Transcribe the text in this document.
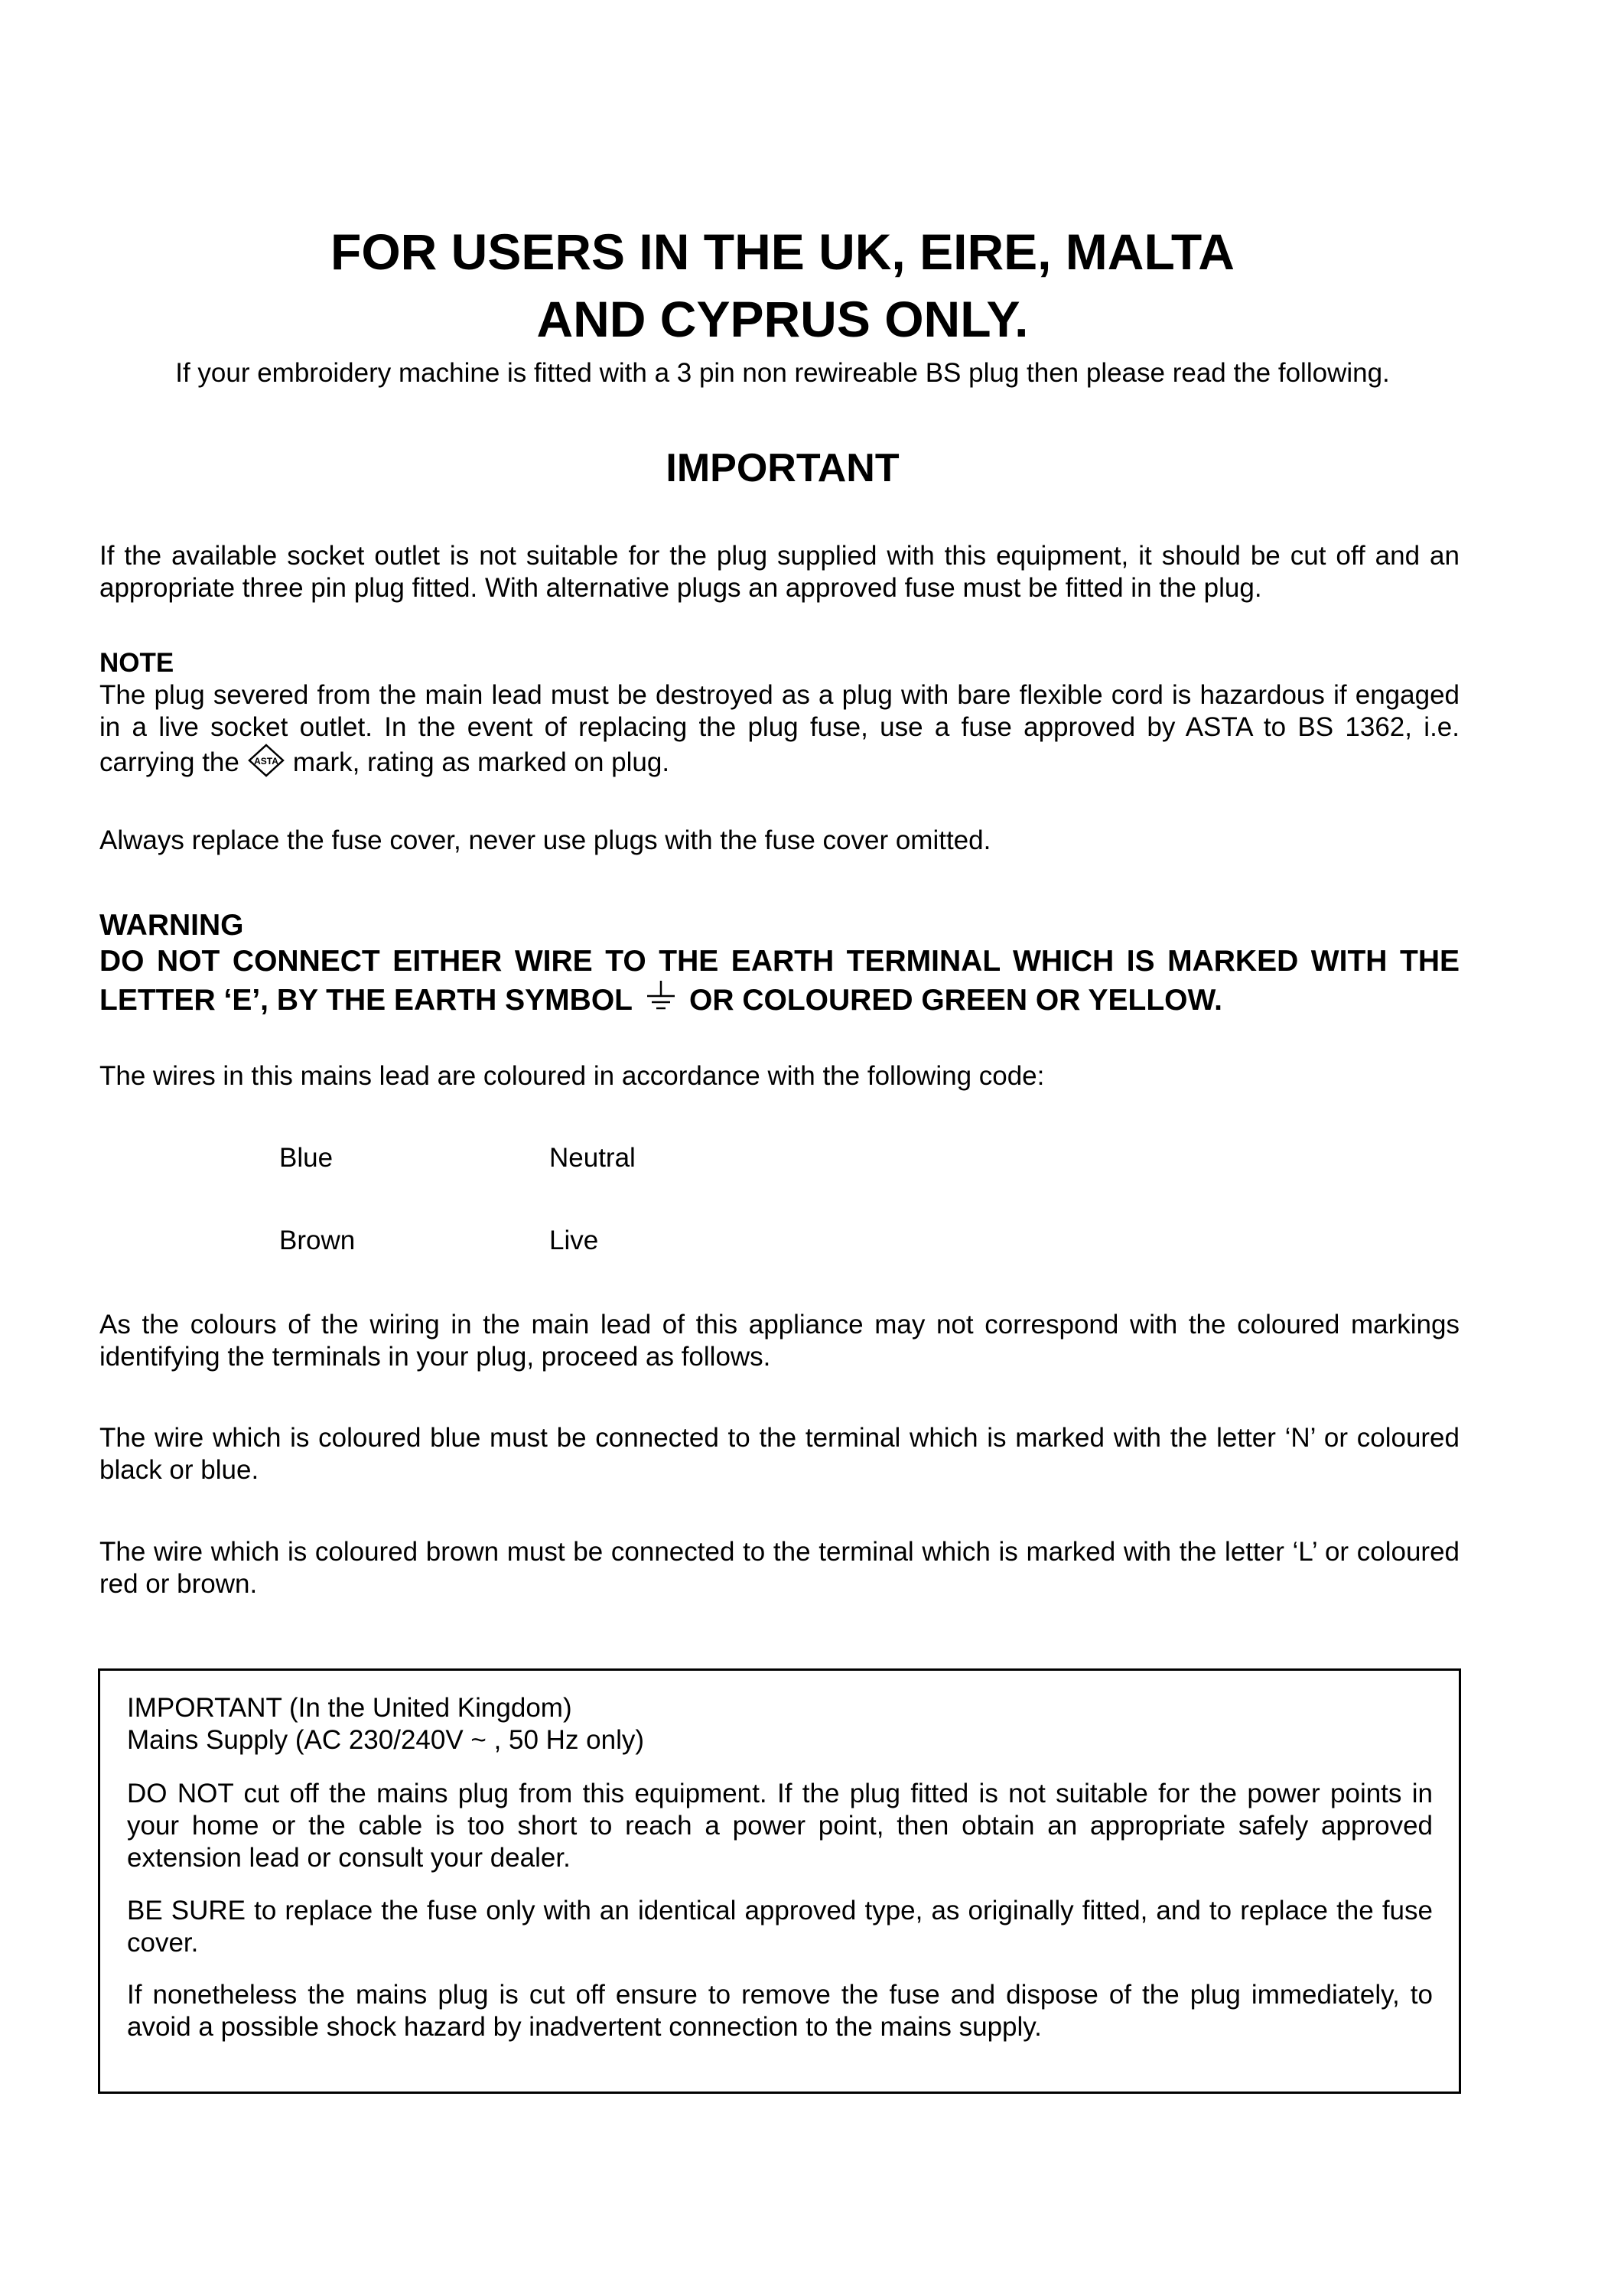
FOR USERS IN THE UK, EIRE, MALTA
AND CYPRUS ONLY.
If your embroidery machine is fitted with a 3 pin non rewireable BS plug then please read the following.
IMPORTANT
If the available socket outlet is not suitable for the plug supplied with this equipment, it should be cut off and an appropriate three pin plug fitted. With alternative plugs an approved fuse must be fitted in the plug.
NOTE
The plug severed from the main lead must be destroyed as a plug with bare flexible cord is hazardous if engaged in a live socket outlet. In the event of replacing the plug fuse, use a fuse approved by ASTA to BS 1362, i.e. carrying the ASTA mark, rating as marked on plug.
Always replace the fuse cover, never use plugs with the fuse cover omitted.
WARNING
DO NOT CONNECT EITHER WIRE TO THE EARTH TERMINAL WHICH IS MARKED WITH THE LETTER ‘E’, BY THE EARTH SYMBOL OR COLOURED GREEN OR YELLOW.
The wires in this mains lead are coloured in accordance with the following code:
Blue	Neutral
Brown	Live
As the colours of the wiring in the main lead of this appliance may not correspond with the coloured markings identifying the terminals in your plug, proceed as follows.
The wire which is coloured blue must be connected to the terminal which is marked with the letter ‘N’ or coloured black or blue.
The wire which is coloured brown must be connected to the terminal which is marked with the letter ‘L’ or coloured red or brown.
IMPORTANT (In the United Kingdom)
Mains Supply (AC 230/240V ~ , 50 Hz only)
DO NOT cut off the mains plug from this equipment. If the plug fitted is not suitable for the power points in your home or the cable is too short to reach a power point, then obtain an appropriate safely approved extension lead or consult your dealer.
BE SURE to replace the fuse only with an identical approved type, as originally fitted, and to replace the fuse cover.
If nonetheless the mains plug is cut off ensure to remove the fuse and dispose of the plug immediately, to avoid a possible shock hazard by inadvertent connection to the mains supply.
